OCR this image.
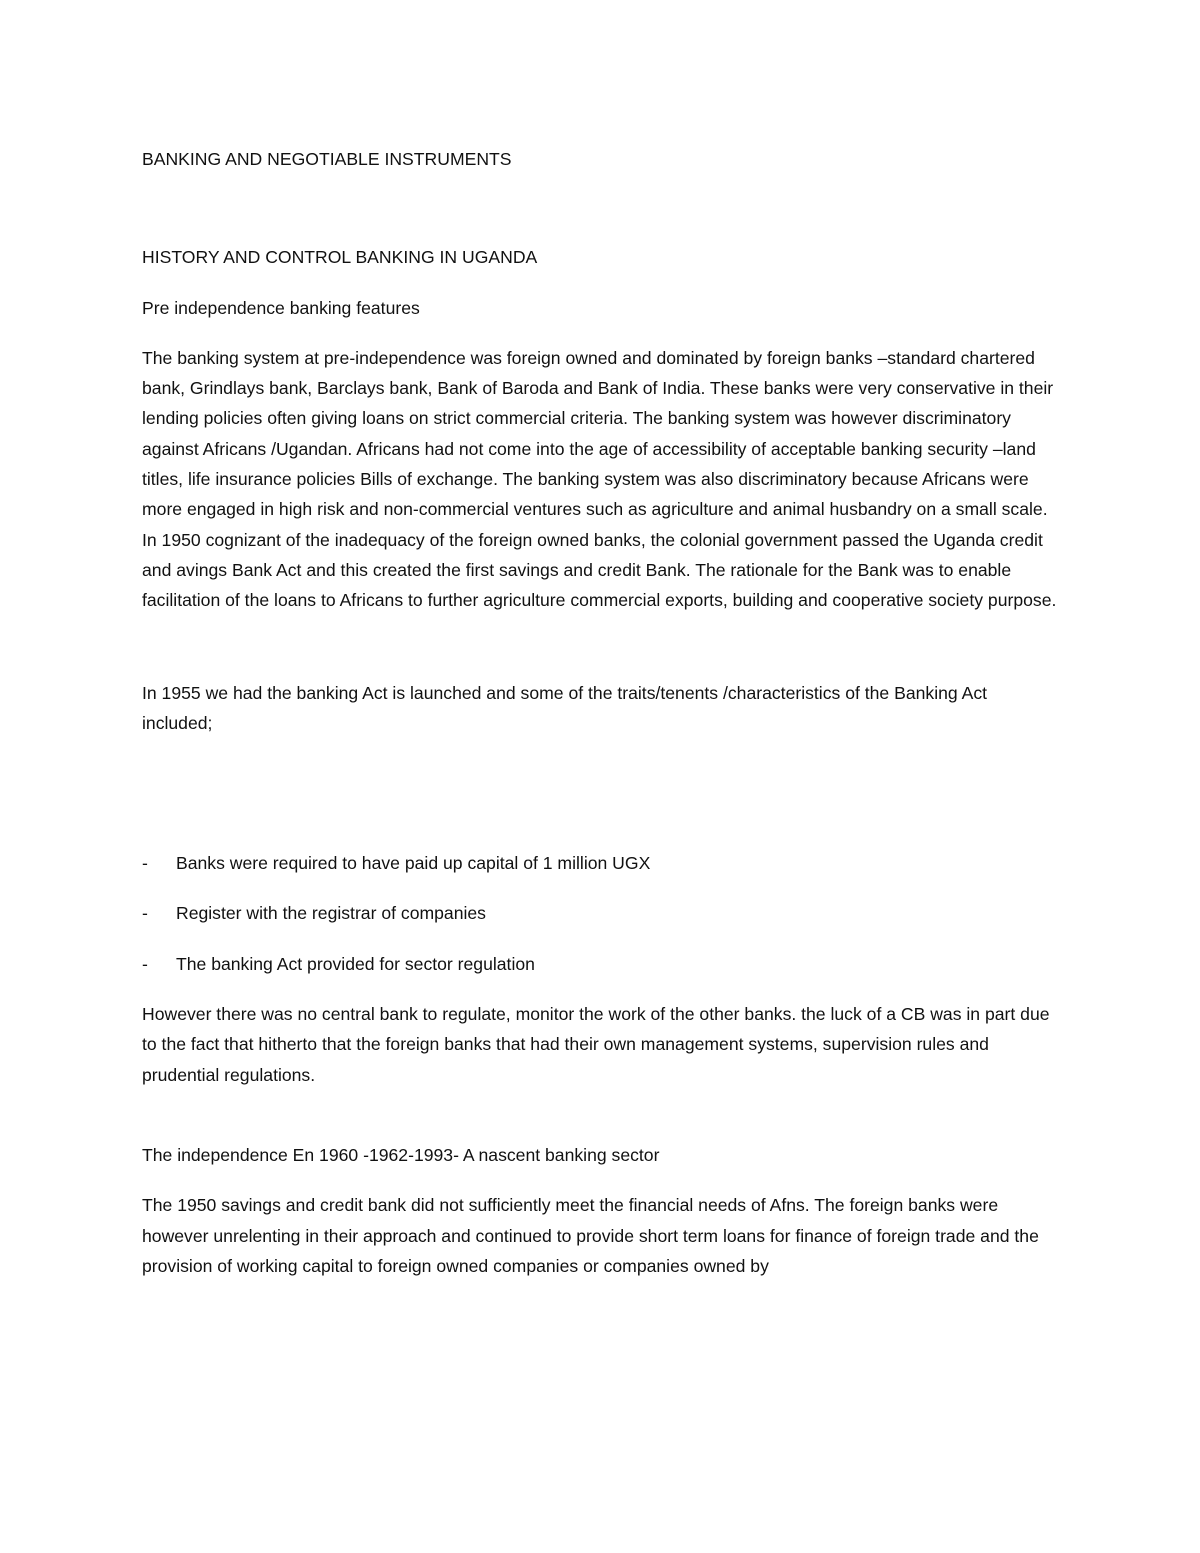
BANKING AND NEGOTIABLE INSTRUMENTS
HISTORY AND CONTROL BANKING IN UGANDA

Pre independence banking features

The banking system at pre-independence was foreign owned and dominated by foreign banks –standard chartered bank, Grindlays bank, Barclays bank, Bank of Baroda and Bank of India. These banks were very conservative in their lending policies often giving loans on strict commercial criteria. The banking system was however discriminatory against Africans /Ugandan. Africans had not come into the age of accessibility of acceptable banking security –land titles, life insurance policies Bills of exchange. The banking system was also discriminatory because Africans were more engaged in high risk and non-commercial ventures such as agriculture and animal husbandry on a small scale. In 1950 cognizant of the inadequacy of the foreign owned banks, the colonial government passed the Uganda credit and avings Bank Act and this created the first savings and credit Bank. The rationale for the Bank was to enable facilitation of the loans to Africans to further agriculture commercial exports, building and cooperative society purpose.

In 1955 we had the banking Act is launched and some of the traits/tenents /characteristics of the Banking Act included;

- Banks were required to have paid up capital of 1 million UGX
- Register with the registrar of companies
- The banking Act provided for sector regulation

However there was no central bank to regulate, monitor the work of the other banks. the luck of a CB was in part due to the fact that hitherto that the foreign banks that had their own management systems, supervision rules and prudential regulations.

The independence En 1960 -1962-1993- A nascent banking sector

The 1950 savings and credit bank did not sufficiently meet the financial needs of Afns. The foreign banks were however unrelenting in their approach and continued to provide short term loans for finance of foreign trade and the provision of working capital to foreign owned companies or companies owned by
